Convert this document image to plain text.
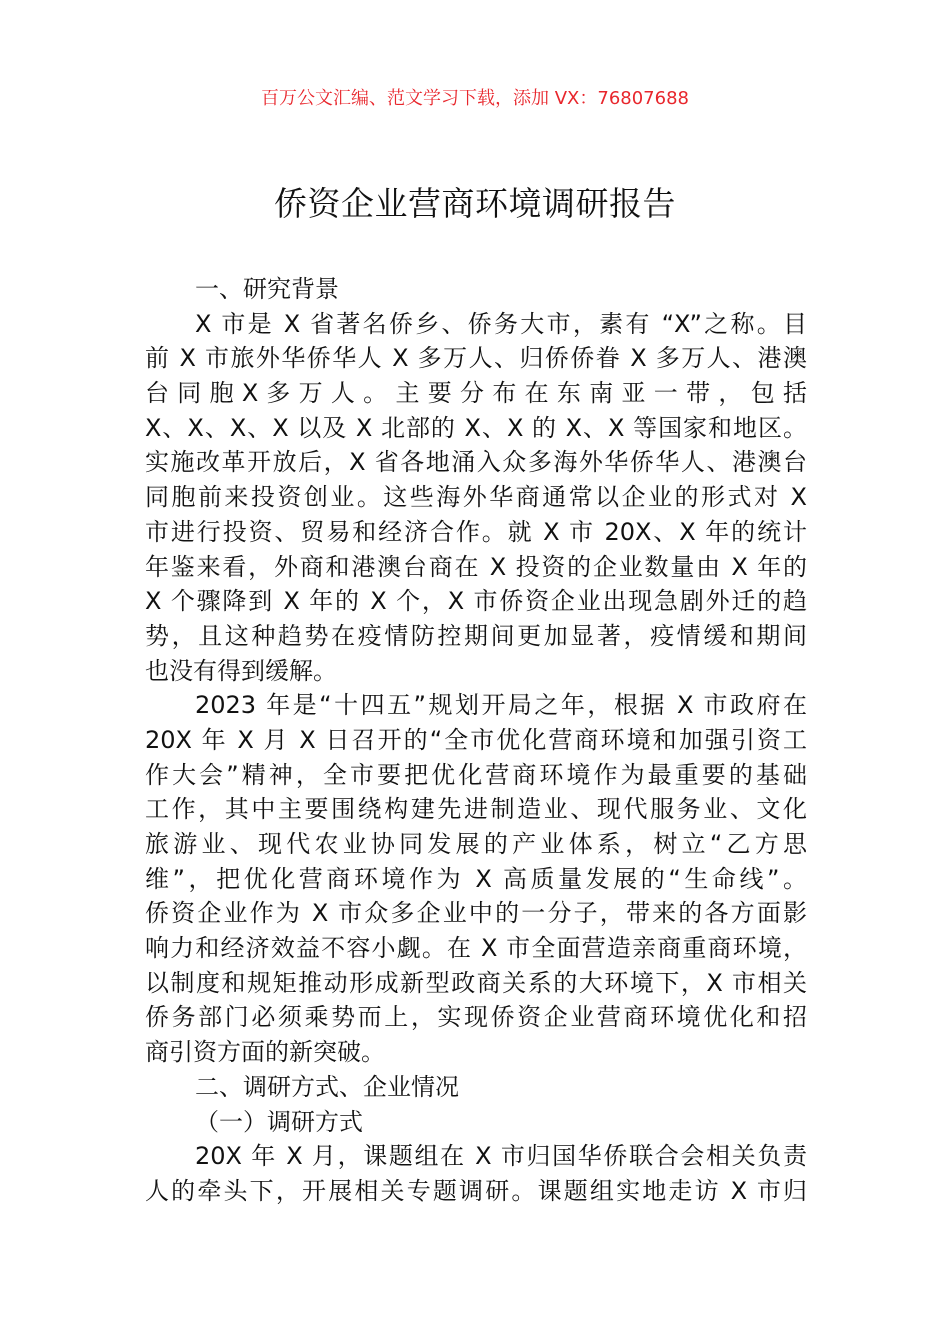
百万公文汇编、范文学习下载，添加 VX：76807688
侨资企业营商环境调研报告
一、研究背景
X 市是 X 省著名侨乡、侨务大市，素有 “X”之称。目
前 X 市旅外华侨华人 X 多万人、归侨侨眷 X 多万人、港澳
台 同 胞 X 多 万 人 。 主 要 分 布 在 东 南 亚 一 带 ， 包 括
X、X、X、X 以及 X 北部的 X、X 的 X、X 等国家和地区。
实施改革开放后，X 省各地涌入众多海外华侨华人、港澳台
同胞前来投资创业。这些海外华商通常以企业的形式对 X
市进行投资、贸易和经济合作。就 X 市 20X、X 年的统计
年鉴来看，外商和港澳台商在 X 投资的企业数量由 X 年的
X 个骤降到 X 年的 X 个，X 市侨资企业出现急剧外迁的趋
势，且这种趋势在疫情防控期间更加显著，疫情缓和期间
也没有得到缓解。
2023 年是“十四五”规划开局之年，根据 X 市政府在
20X 年 X 月 X 日召开的“全市优化营商环境和加强引资工
作大会”精神，全市要把优化营商环境作为最重要的基础
工作，其中主要围绕构建先进制造业、现代服务业、文化
旅游业、现代农业协同发展的产业体系，树立“乙方思
维”，把优化营商环境作为 X 高质量发展的“生命线”。
侨资企业作为 X 市众多企业中的一分子，带来的各方面影
响力和经济效益不容小觑。在 X 市全面营造亲商重商环境，
以制度和规矩推动形成新型政商关系的大环境下，X 市相关
侨务部门必须乘势而上，实现侨资企业营商环境优化和招
商引资方面的新突破。
二、调研方式、企业情况
（一）调研方式
20X 年 X 月，课题组在 X 市归国华侨联合会相关负责
人的牵头下，开展相关专题调研。课题组实地走访 X 市归
